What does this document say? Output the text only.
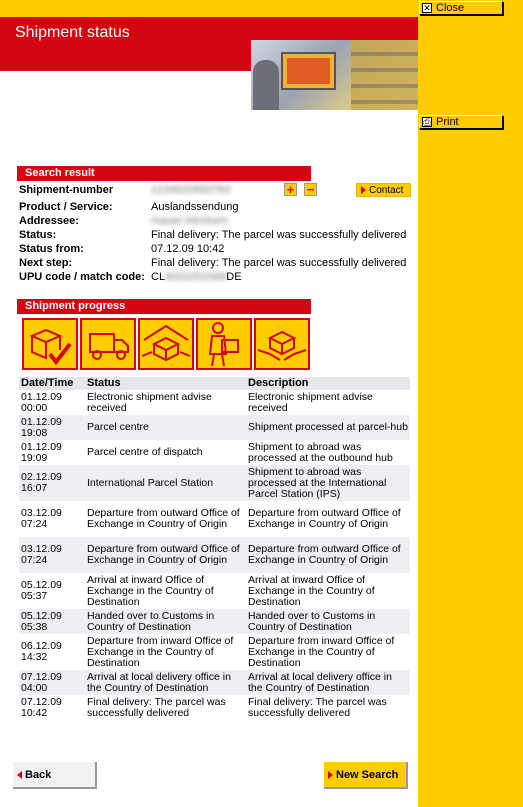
Shipment status
✕ Close
⎙ Print
Search result
Shipment-number	1234020993783	+ −	Contact
Product / Service:	Auslandssendung
Addressee:	mauer-Hirnhorn
Status:	Final delivery: The parcel was successfully delivered
Status from:	07.12.09 10:42
Next step:	Final delivery: The parcel was successfully delivered
UPU code / match code: CL4001051568DE
Shipment progress
Date/Time	Status	Description
01.12.09
00:00	Electronic shipment advise received	Electronic shipment advise received
01.12.09
19:08	Parcel centre	Shipment processed at parcel-hub
01.12.09
19:09	Parcel centre of dispatch	Shipment to abroad was processed at the outbound hub
02.12.09
16:07	International Parcel Station	Shipment to abroad was processed at the International Parcel Station (IPS)
03.12.09
07:24	Departure from outward Office of Exchange in Country of Origin	Departure from outward Office of Exchange in Country of Origin
03.12.09
07:24	Departure from outward Office of Exchange in Country of Origin	Departure from outward Office of Exchange in Country of Origin
05.12.09
05:37	Arrival at inward Office of Exchange in the Country of Destination	Arrival at inward Office of Exchange in the Country of Destination
05.12.09
05:38	Handed over to Customs in Country of Destination	Handed over to Customs in Country of Destination
06.12.09
14:32	Departure from inward Office of Exchange in the Country of Destination	Departure from inward Office of Exchange in the Country of Destination
07.12.09
04:00	Arrival at local delivery office in the Country of Destination	Arrival at local delivery office in the Country of Destination
07.12.09
10:42	Final delivery: The parcel was successfully delivered	Final delivery: The parcel was successfully delivered
Back	New Search
